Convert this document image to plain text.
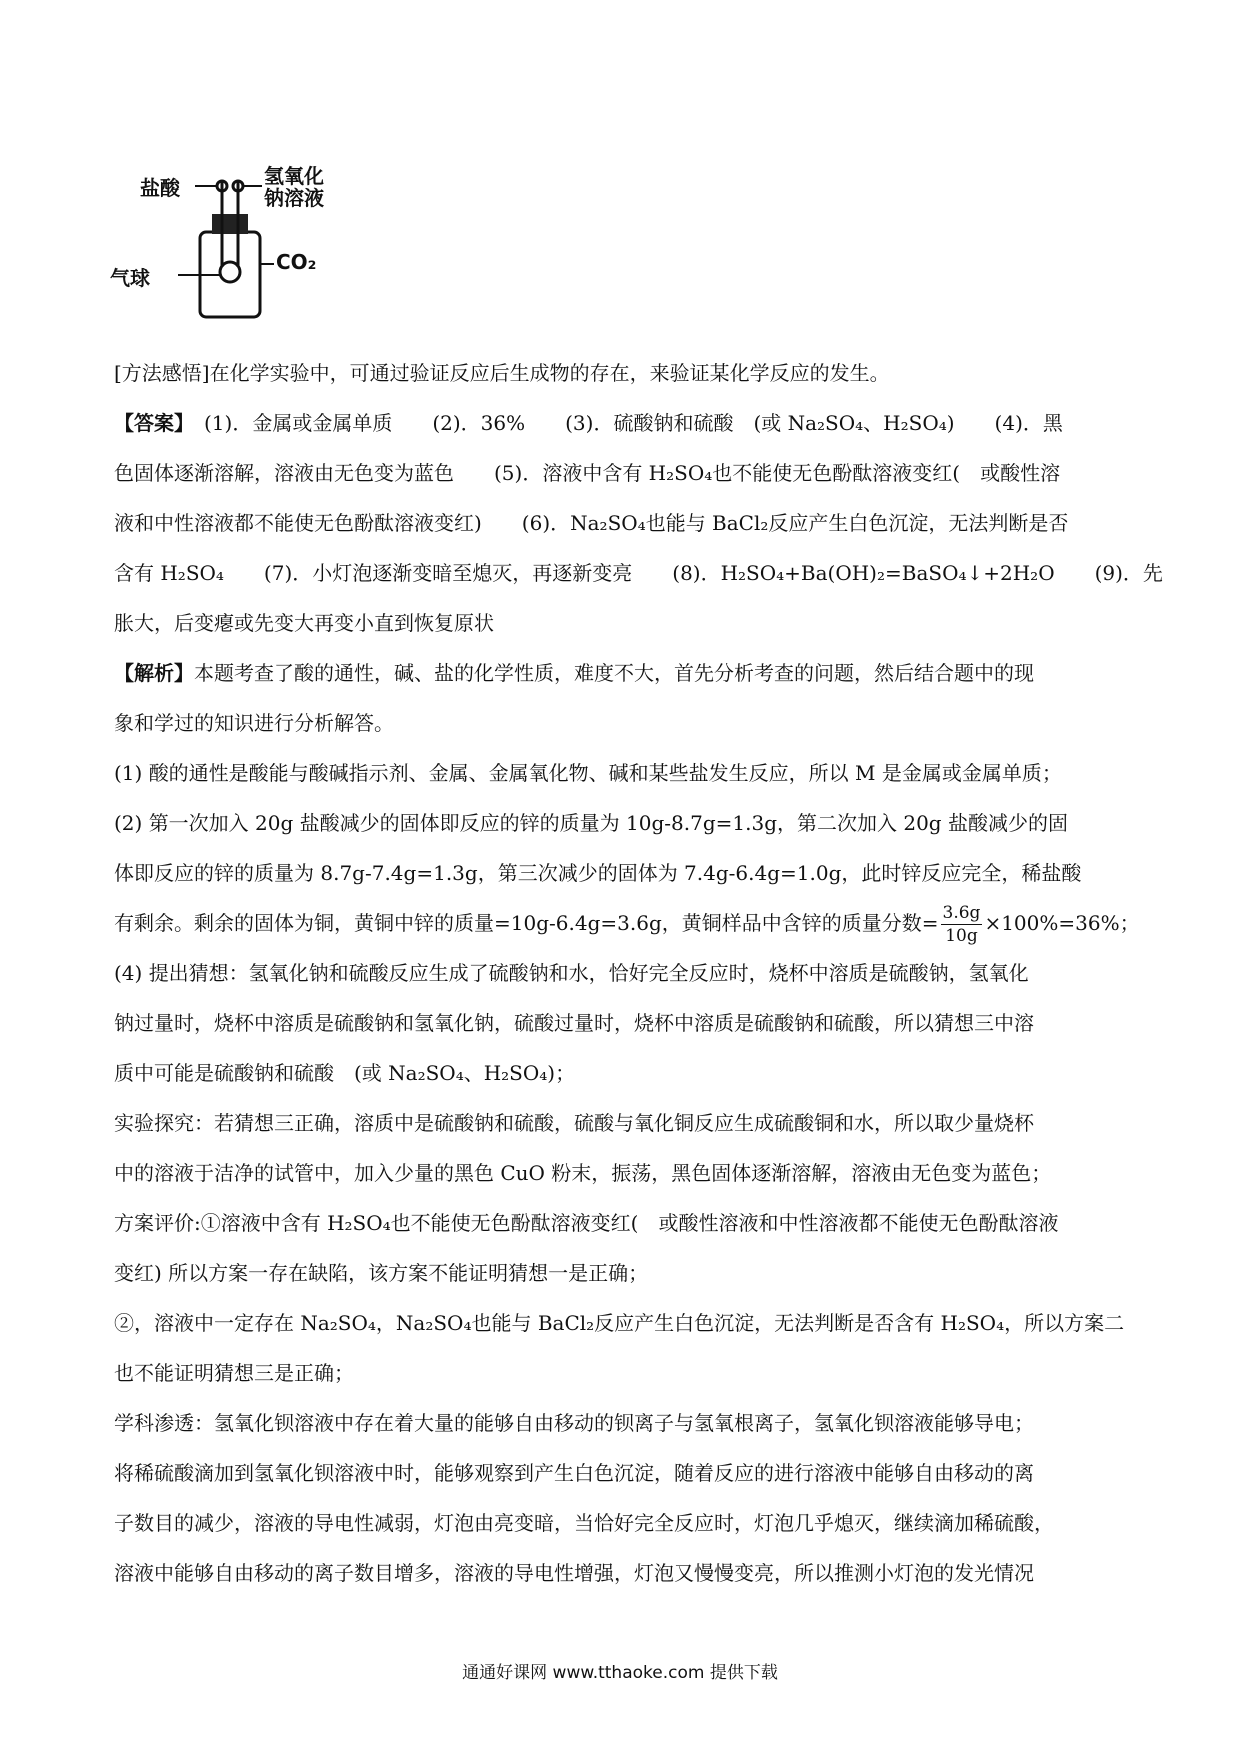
盐酸	氢氧化
钠溶液
气球
CO₂
[方法感悟]在化学实验中，可通过验证反应后生成物的存在，来验证某化学反应的发生。
【答案】　 (1)．金属或金属单质　　(2)．36%　　(3)．硫酸钠和硫酸　(或 Na₂SO₄、H₂SO₄)　　(4)．黑
色固体逐渐溶解，溶液由无色变为蓝色　　(5)．溶液中含有 H₂SO₄也不能使无色酚酞溶液变红(　或酸性溶
液和中性溶液都不能使无色酚酞溶液变红)　　(6)．Na₂SO₄也能与 BaCl₂反应产生白色沉淀，无法判断是否
含有 H₂SO₄　　(7)．小灯泡逐渐变暗至熄灭，再逐新变亮　　(8)．H₂SO₄+Ba(OH)₂=BaSO₄↓+2H₂O　　(9)．先
胀大，后变瘪或先变大再变小直到恢复原状
【解析】本题考查了酸的通性，碱、盐的化学性质，难度不大，首先分析考查的问题，然后结合题中的现
象和学过的知识进行分析解答。
(1) 酸的通性是酸能与酸碱指示剂、金属、金属氧化物、碱和某些盐发生反应，所以 M 是金属或金属单质；
(2) 第一次加入 20g 盐酸减少的固体即反应的锌的质量为 10g-8.7g=1.3g，第二次加入 20g 盐酸减少的固
体即反应的锌的质量为 8.7g-7.4g=1.3g，第三次减少的固体为 7.4g-6.4g=1.0g，此时锌反应完全，稀盐酸
有剩余。剩余的固体为铜，黄铜中锌的质量=10g-6.4g=3.6g，黄铜样品中含锌的质量分数= $\frac{3.6g}{10g} \times 100\%=36\%$；
(4) 提出猜想：氢氧化钠和硫酸反应生成了硫酸钠和水，恰好完全反应时，烧杯中溶质是硫酸钠，氢氧化
钠过量时，烧杯中溶质是硫酸钠和氢氧化钠，硫酸过量时，烧杯中溶质是硫酸钠和硫酸，所以猜想三中溶
质中可能是硫酸钠和硫酸　(或 Na₂SO₄、H₂SO₄)；
实验探究：若猜想三正确，溶质中是硫酸钠和硫酸，硫酸与氧化铜反应生成硫酸铜和水，所以取少量烧杯
中的溶液于洁净的试管中，加入少量的黑色 CuO 粉末，振荡，黑色固体逐渐溶解，溶液由无色变为蓝色；
方案评价:①溶液中含有 H₂SO₄也不能使无色酚酞溶液变红(　或酸性溶液和中性溶液都不能使无色酚酞溶液
变红) 所以方案一存在缺陷，该方案不能证明猜想一是正确；
②，溶液中一定存在 Na₂SO₄，Na₂SO₄也能与 BaCl₂反应产生白色沉淀，无法判断是否含有 H₂SO₄，所以方案二
也不能证明猜想三是正确；
学科渗透：氢氧化钡溶液中存在着大量的能够自由移动的钡离子与氢氧根离子，氢氧化钡溶液能够导电；
将稀硫酸滴加到氢氧化钡溶液中时，能够观察到产生白色沉淀，随着反应的进行溶液中能够自由移动的离
子数目的减少，溶液的导电性减弱，灯泡由亮变暗，当恰好完全反应时，灯泡几乎熄灭，继续滴加稀硫酸，
溶液中能够自由移动的离子数目增多，溶液的导电性增强，灯泡又慢慢变亮，所以推测小灯泡的发光情况
通通好课网 www.tthaoke.com 提供下载
